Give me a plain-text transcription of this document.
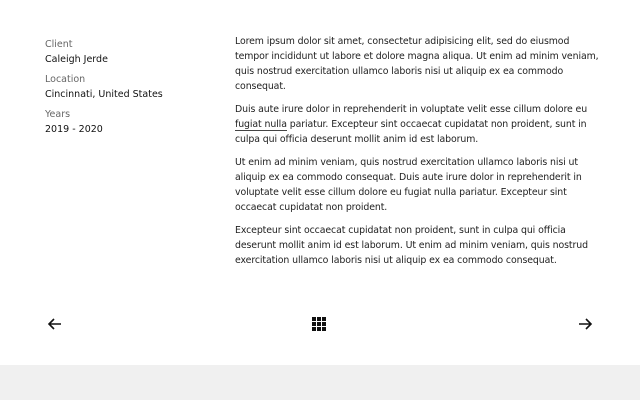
Client
Caleigh Jerde
Location
Cincinnati, United States
Years
2019 - 2020

Lorem ipsum dolor sit amet, consectetur adipisicing elit, sed do eiusmod tempor incididunt ut labore et dolore magna aliqua. Ut enim ad minim veniam, quis nostrud exercitation ullamco laboris nisi ut aliquip ex ea commodo consequat.

Duis aute irure dolor in reprehenderit in voluptate velit esse cillum dolore eu fugiat nulla pariatur. Excepteur sint occaecat cupidatat non proident, sunt in culpa qui officia deserunt mollit anim id est laborum.

Ut enim ad minim veniam, quis nostrud exercitation ullamco laboris nisi ut aliquip ex ea commodo consequat. Duis aute irure dolor in reprehenderit in voluptate velit esse cillum dolore eu fugiat nulla pariatur. Excepteur sint occaecat cupidatat non proident.

Excepteur sint occaecat cupidatat non proident, sunt in culpa qui officia deserunt mollit anim id est laborum. Ut enim ad minim veniam, quis nostrud exercitation ullamco laboris nisi ut aliquip ex ea commodo consequat.
